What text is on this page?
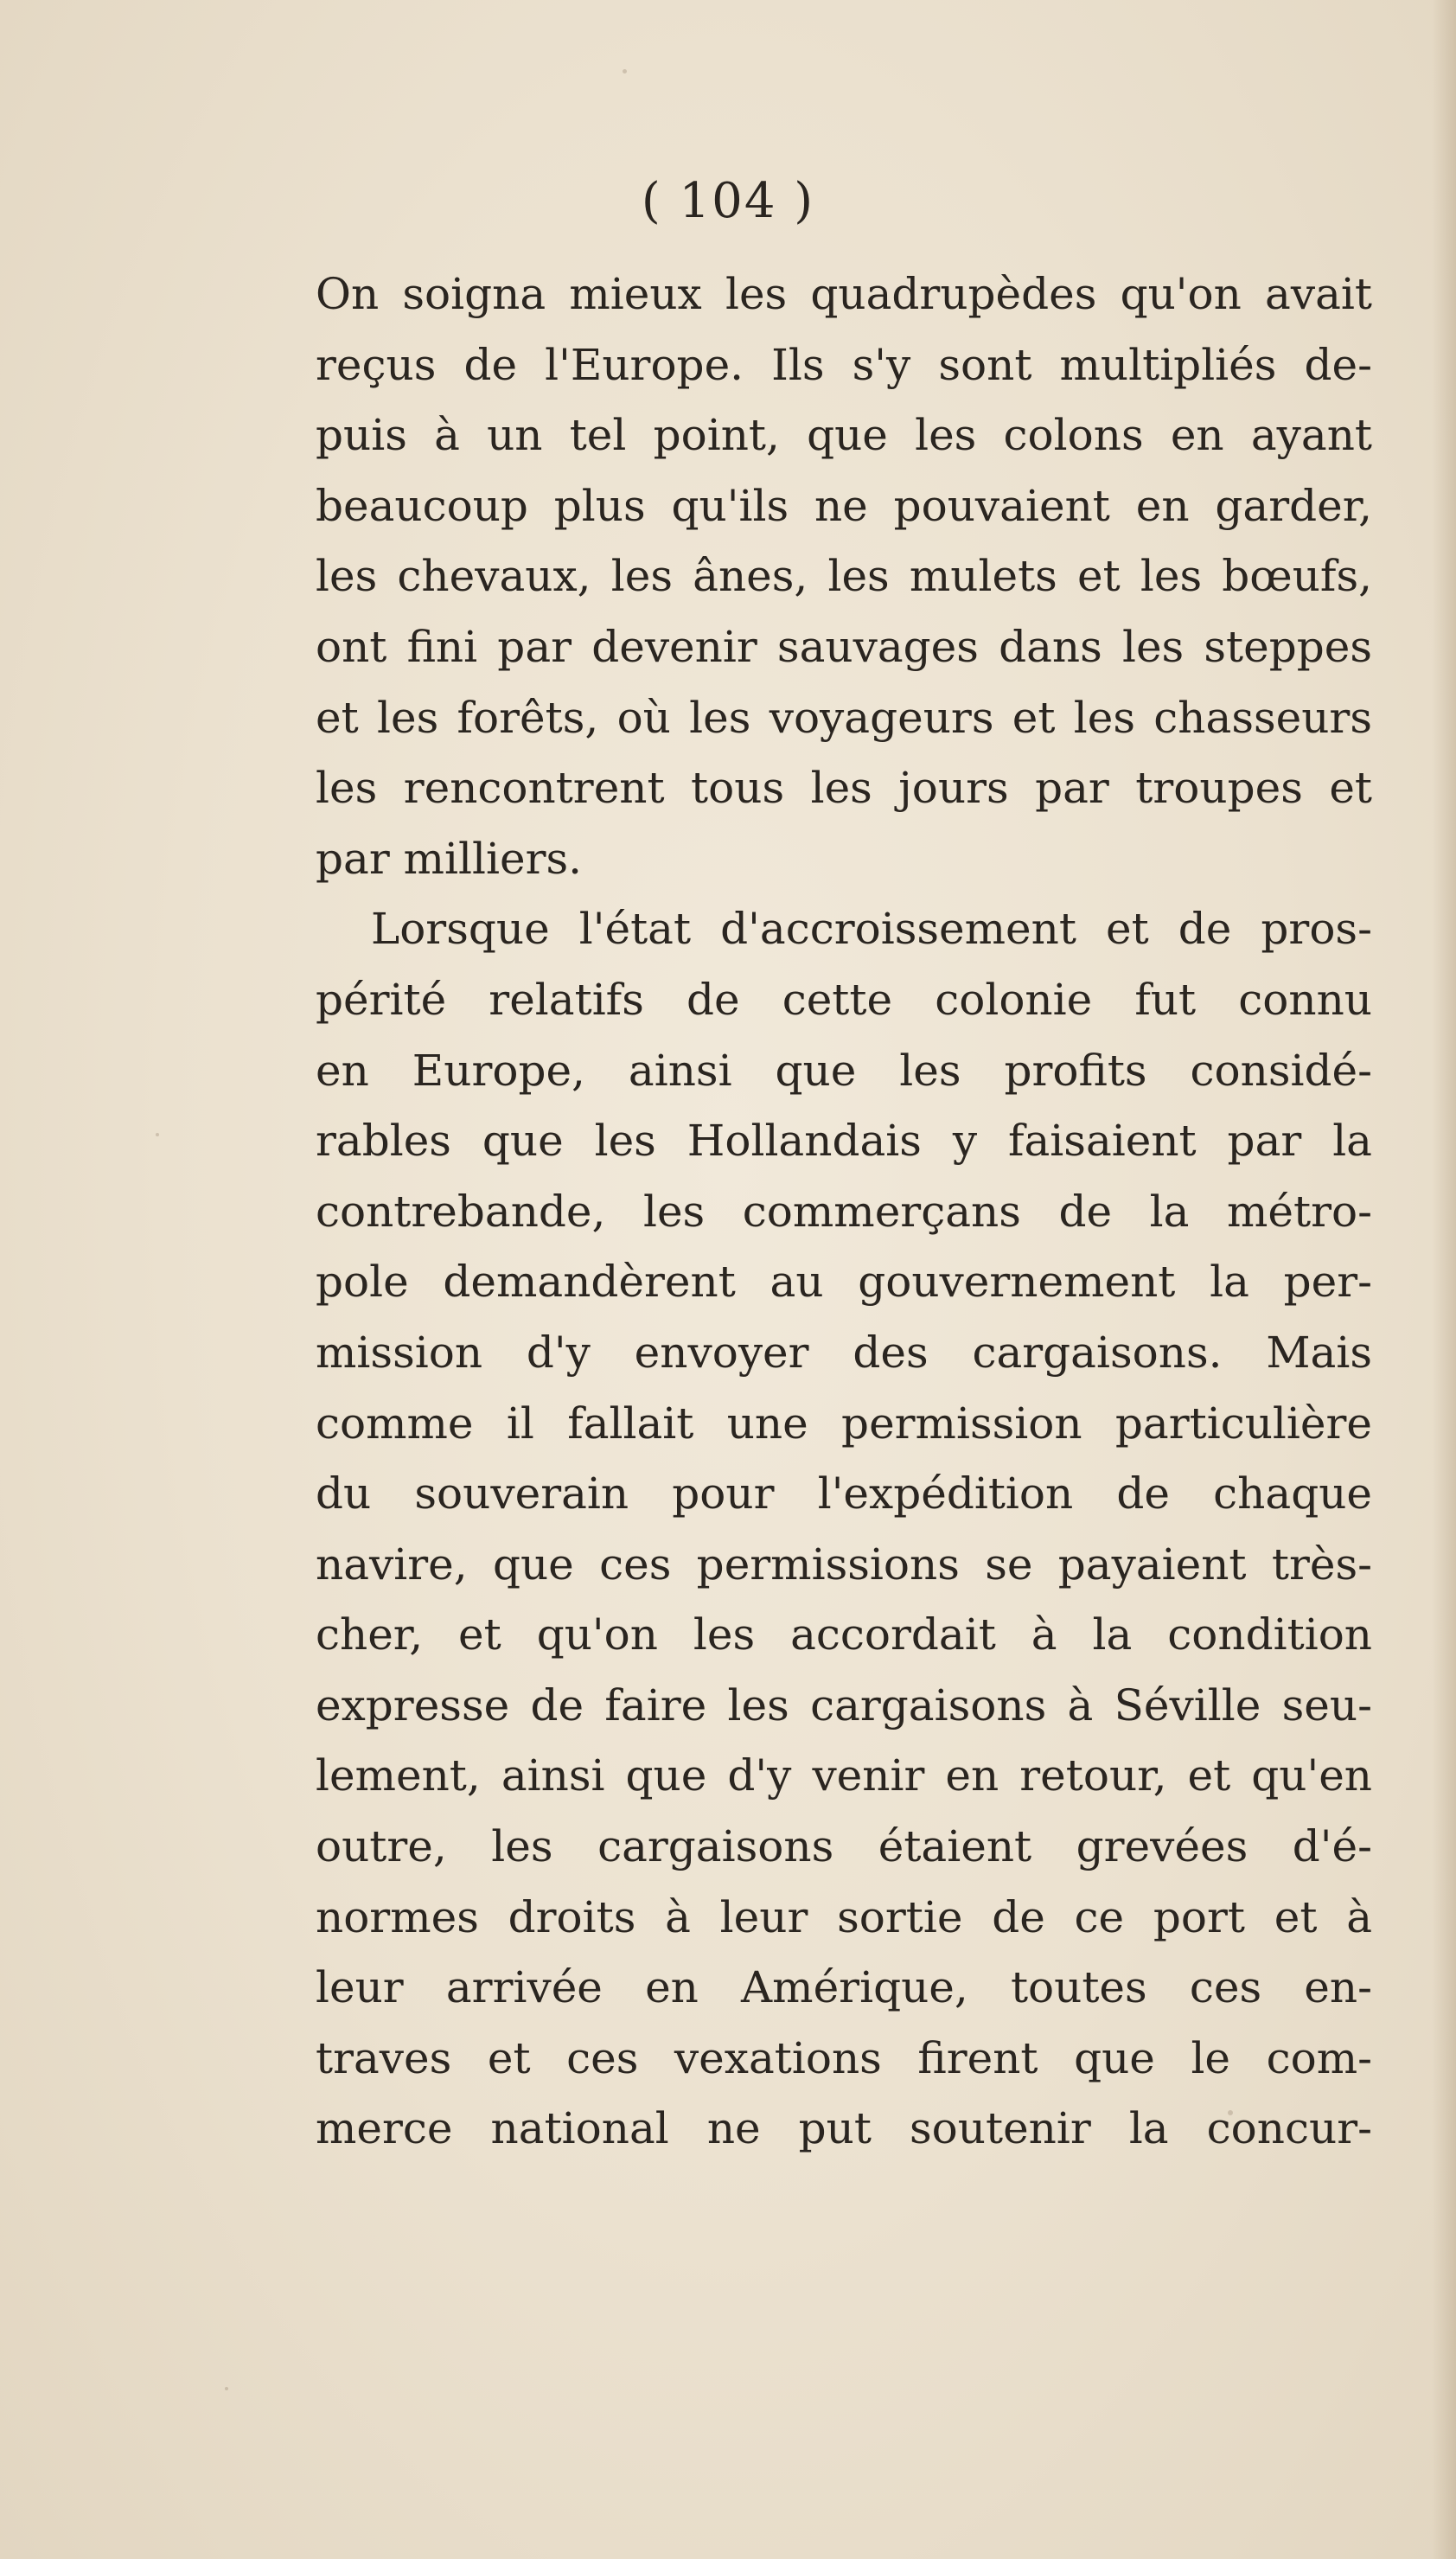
( 104 )
On soigna mieux les quadrupèdes qu'on avait
reçus de l'Europe. Ils s'y sont multipliés de-
puis à un tel point, que les colons en ayant
beaucoup plus qu'ils ne pouvaient en garder,
les chevaux, les ânes, les mulets et les bœufs,
ont fini par devenir sauvages dans les steppes
et les forêts, où les voyageurs et les chasseurs
les rencontrent tous les jours par troupes et
par milliers.
Lorsque l'état d'accroissement et de pros-
périté relatifs de cette colonie fut connu
en Europe, ainsi que les profits considé-
rables que les Hollandais y faisaient par la
contrebande, les commerçans de la métro-
pole demandèrent au gouvernement la per-
mission d'y envoyer des cargaisons. Mais
comme il fallait une permission particulière
du souverain pour l'expédition de chaque
navire, que ces permissions se payaient très-
cher, et qu'on les accordait à la condition
expresse de faire les cargaisons à Séville seu-
lement, ainsi que d'y venir en retour, et qu'en
outre, les cargaisons étaient grevées d'é-
normes droits à leur sortie de ce port et à
leur arrivée en Amérique, toutes ces en-
traves et ces vexations firent que le com-
merce national ne put soutenir la concur-
